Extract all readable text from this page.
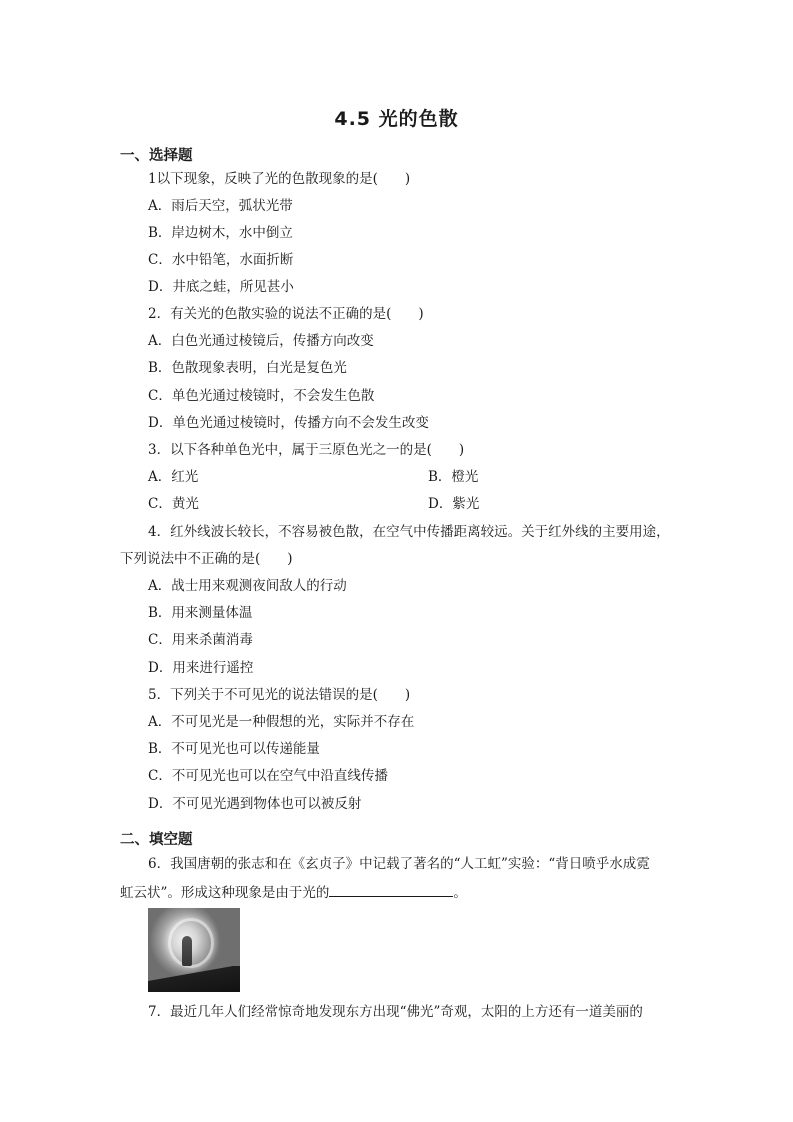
4.5 光的色散
一、选择题
1以下现象，反映了光的色散现象的是(　　)
A．雨后天空，弧状光带
B．岸边树木，水中倒立
C．水中铅笔，水面折断
D．井底之蛙，所见甚小
2．有关光的色散实验的说法不正确的是(　　)
A．白色光通过棱镜后，传播方向改变
B．色散现象表明，白光是复色光
C．单色光通过棱镜时，不会发生色散
D．单色光通过棱镜时，传播方向不会发生改变
3．以下各种单色光中，属于三原色光之一的是(　　)
A．红光	B．橙光
C．黄光	D．紫光
4．红外线波长较长，不容易被色散，在空气中传播距离较远。关于红外线的主要用途，
下列说法中不正确的是(　　)
A．战士用来观测夜间敌人的行动
B．用来测量体温
C．用来杀菌消毒
D．用来进行遥控
5．下列关于不可见光的说法错误的是(　　)
A．不可见光是一种假想的光，实际并不存在
B．不可见光也可以传递能量
C．不可见光也可以在空气中沿直线传播
D．不可见光遇到物体也可以被反射
二、填空题
6．我国唐朝的张志和在《玄贞子》中记载了著名的“人工虹”实验：“背日喷乎水成霓
虹云状”。形成这种现象是由于光的	。
7．最近几年人们经常惊奇地发现东方出现“佛光”奇观，太阳的上方还有一道美丽的
